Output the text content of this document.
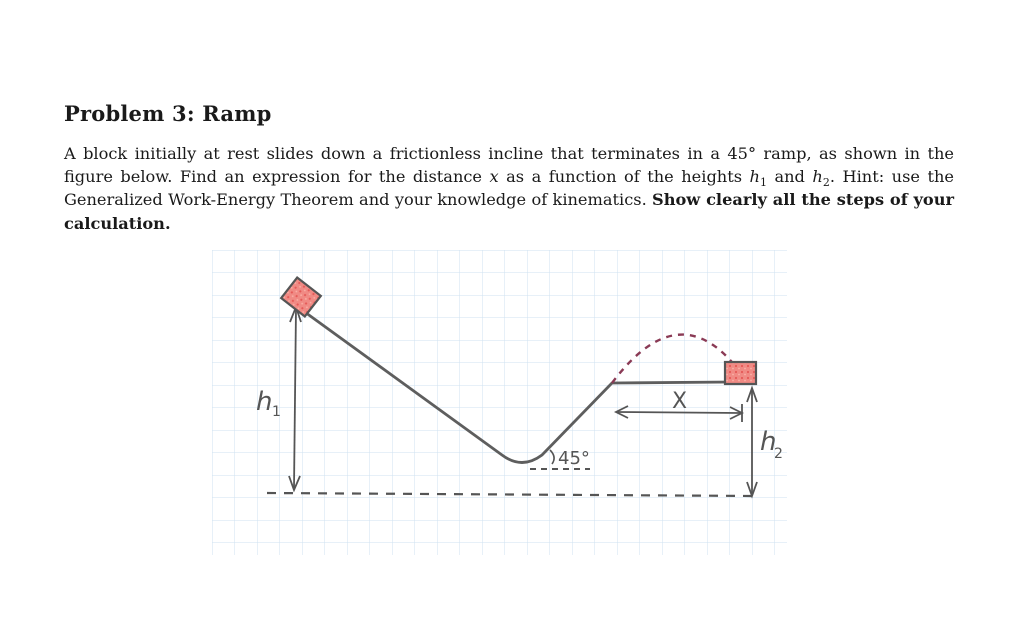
Problem 3: Ramp

A block initially at rest slides down a frictionless incline that terminates in a 45° ramp, as shown in the figure below. Find an expression for the distance x as a function of the heights $h_1$ and $h_2$. Hint: use the Generalized Work-Energy Theorem and your knowledge of kinematics. Show clearly all the steps of your calculation.

h 1
45°
X
h
2
